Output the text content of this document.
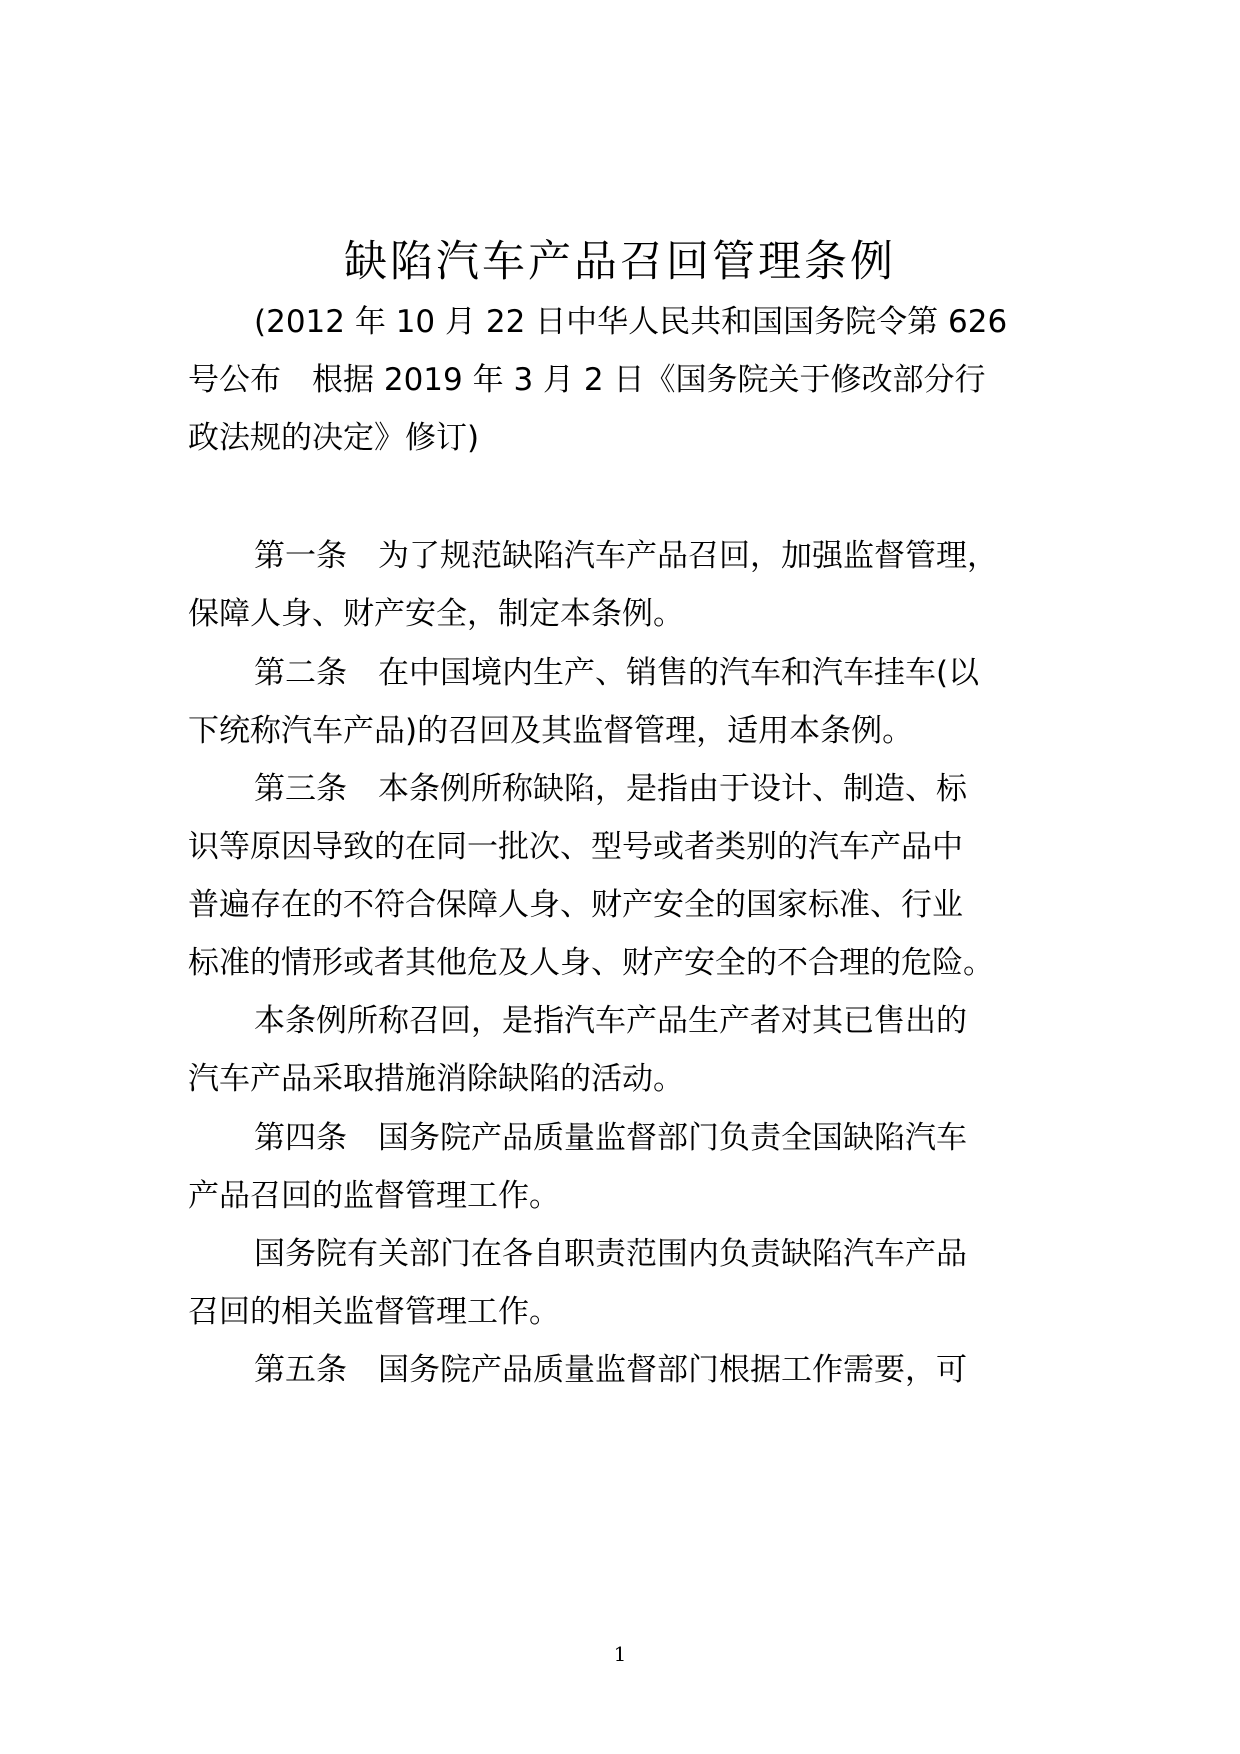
缺陷汽车产品召回管理条例

(2012 年 10 月 22 日中华人民共和国国务院令第 626

号公布　根据 2019 年 3 月 2 日《国务院关于修改部分行

政法规的决定》修订)

第一条　为了规范缺陷汽车产品召回，加强监督管理，

保障人身、财产安全，制定本条例。

第二条　在中国境内生产、销售的汽车和汽车挂车(以

下统称汽车产品)的召回及其监督管理，适用本条例。

第三条　本条例所称缺陷，是指由于设计、制造、标

识等原因导致的在同一批次、型号或者类别的汽车产品中

普遍存在的不符合保障人身、财产安全的国家标准、行业

标准的情形或者其他危及人身、财产安全的不合理的危险。

本条例所称召回，是指汽车产品生产者对其已售出的

汽车产品采取措施消除缺陷的活动。

第四条　国务院产品质量监督部门负责全国缺陷汽车

产品召回的监督管理工作。

国务院有关部门在各自职责范围内负责缺陷汽车产品

召回的相关监督管理工作。

第五条　国务院产品质量监督部门根据工作需要，可

1
